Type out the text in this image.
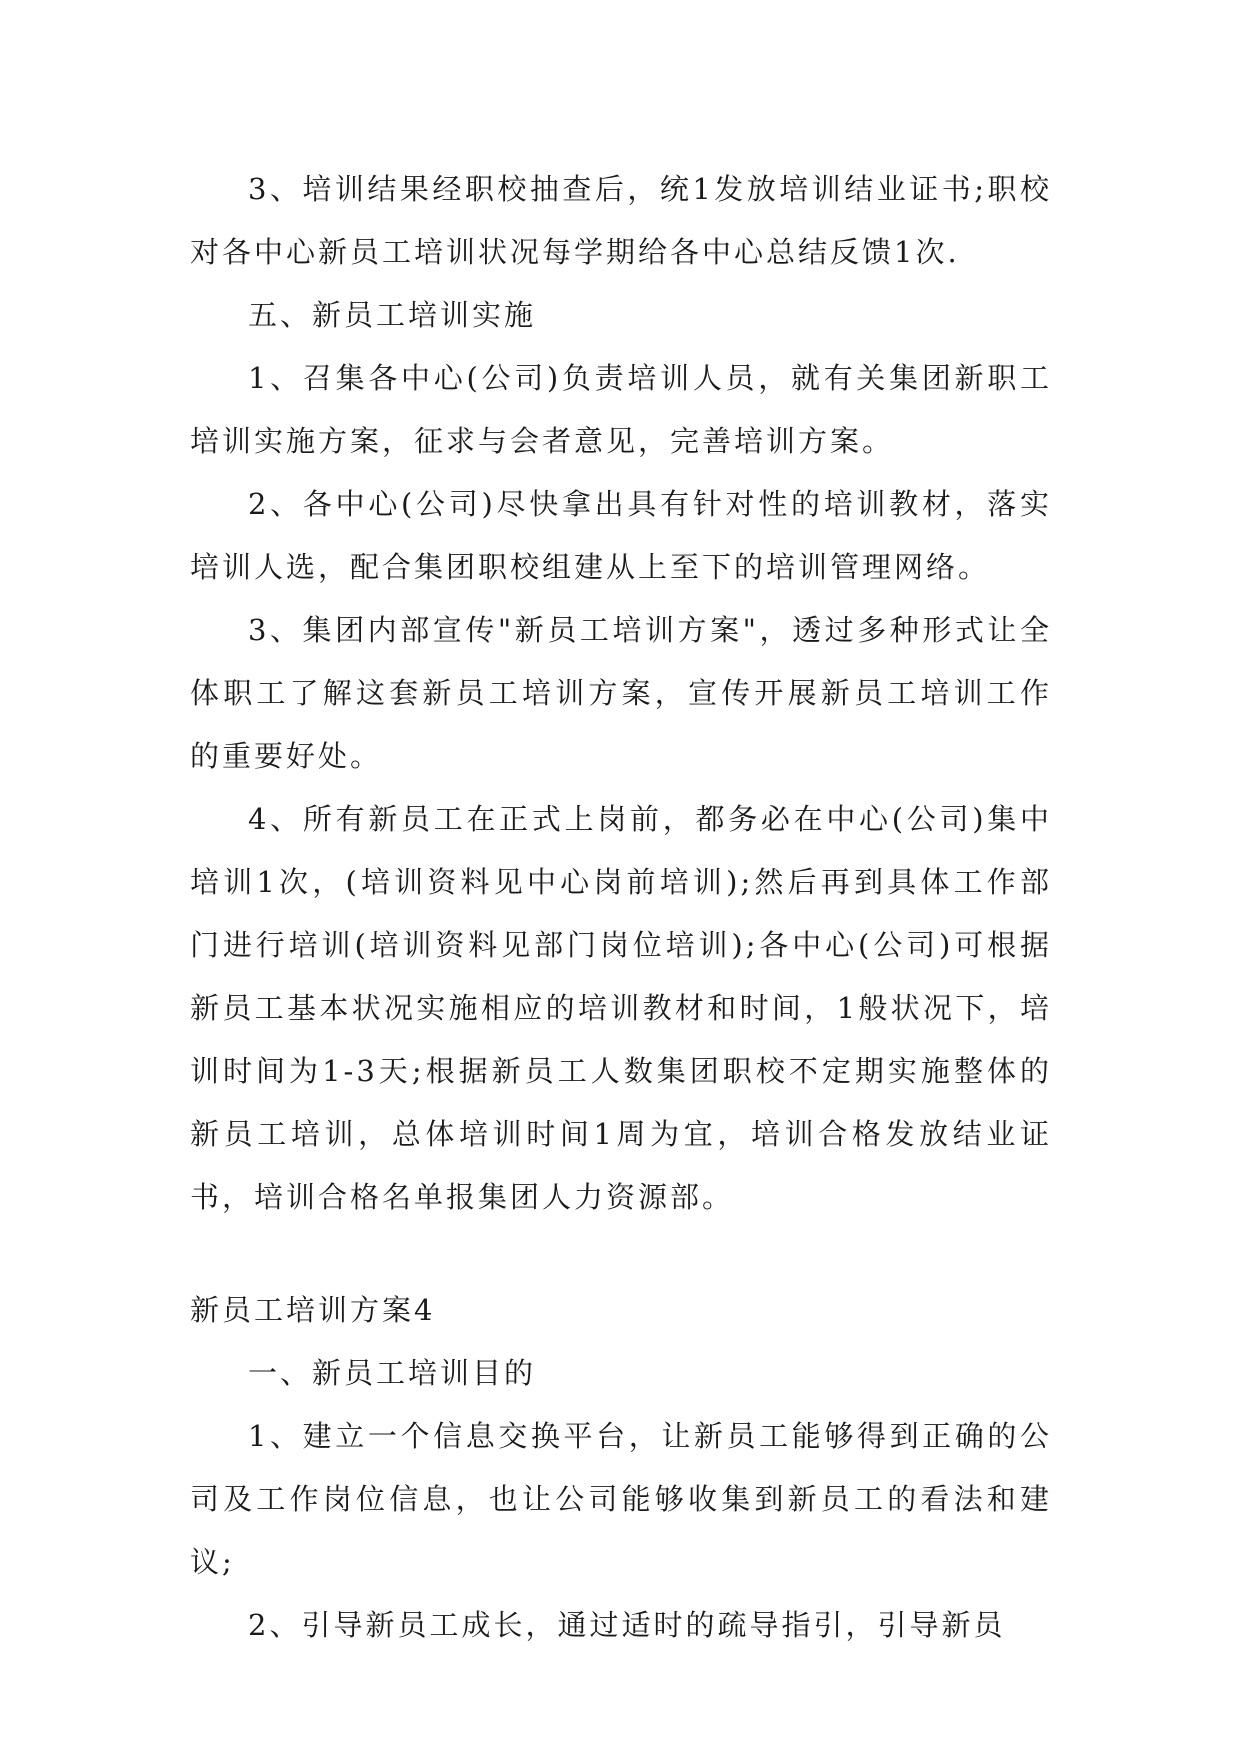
3、培训结果经职校抽查后，统1发放培训结业证书;职校对各中心新员工培训状况每学期给各中心总结反馈1次.

五、新员工培训实施

1、召集各中心(公司)负责培训人员，就有关集团新职工培训实施方案，征求与会者意见，完善培训方案。

2、各中心(公司)尽快拿出具有针对性的培训教材，落实培训人选，配合集团职校组建从上至下的培训管理网络。

3、集团内部宣传"新员工培训方案"，透过多种形式让全体职工了解这套新员工培训方案，宣传开展新员工培训工作的重要好处。

4、所有新员工在正式上岗前，都务必在中心(公司)集中培训1次，(培训资料见中心岗前培训);然后再到具体工作部门进行培训(培训资料见部门岗位培训);各中心(公司)可根据新员工基本状况实施相应的培训教材和时间，1般状况下，培训时间为1-3天;根据新员工人数集团职校不定期实施整体的新员工培训，总体培训时间1周为宜，培训合格发放结业证书，培训合格名单报集团人力资源部。

新员工培训方案4

一、新员工培训目的

1、建立一个信息交换平台，让新员工能够得到正确的公司及工作岗位信息，也让公司能够收集到新员工的看法和建议;

2、引导新员工成长，通过适时的疏导指引，引导新员
